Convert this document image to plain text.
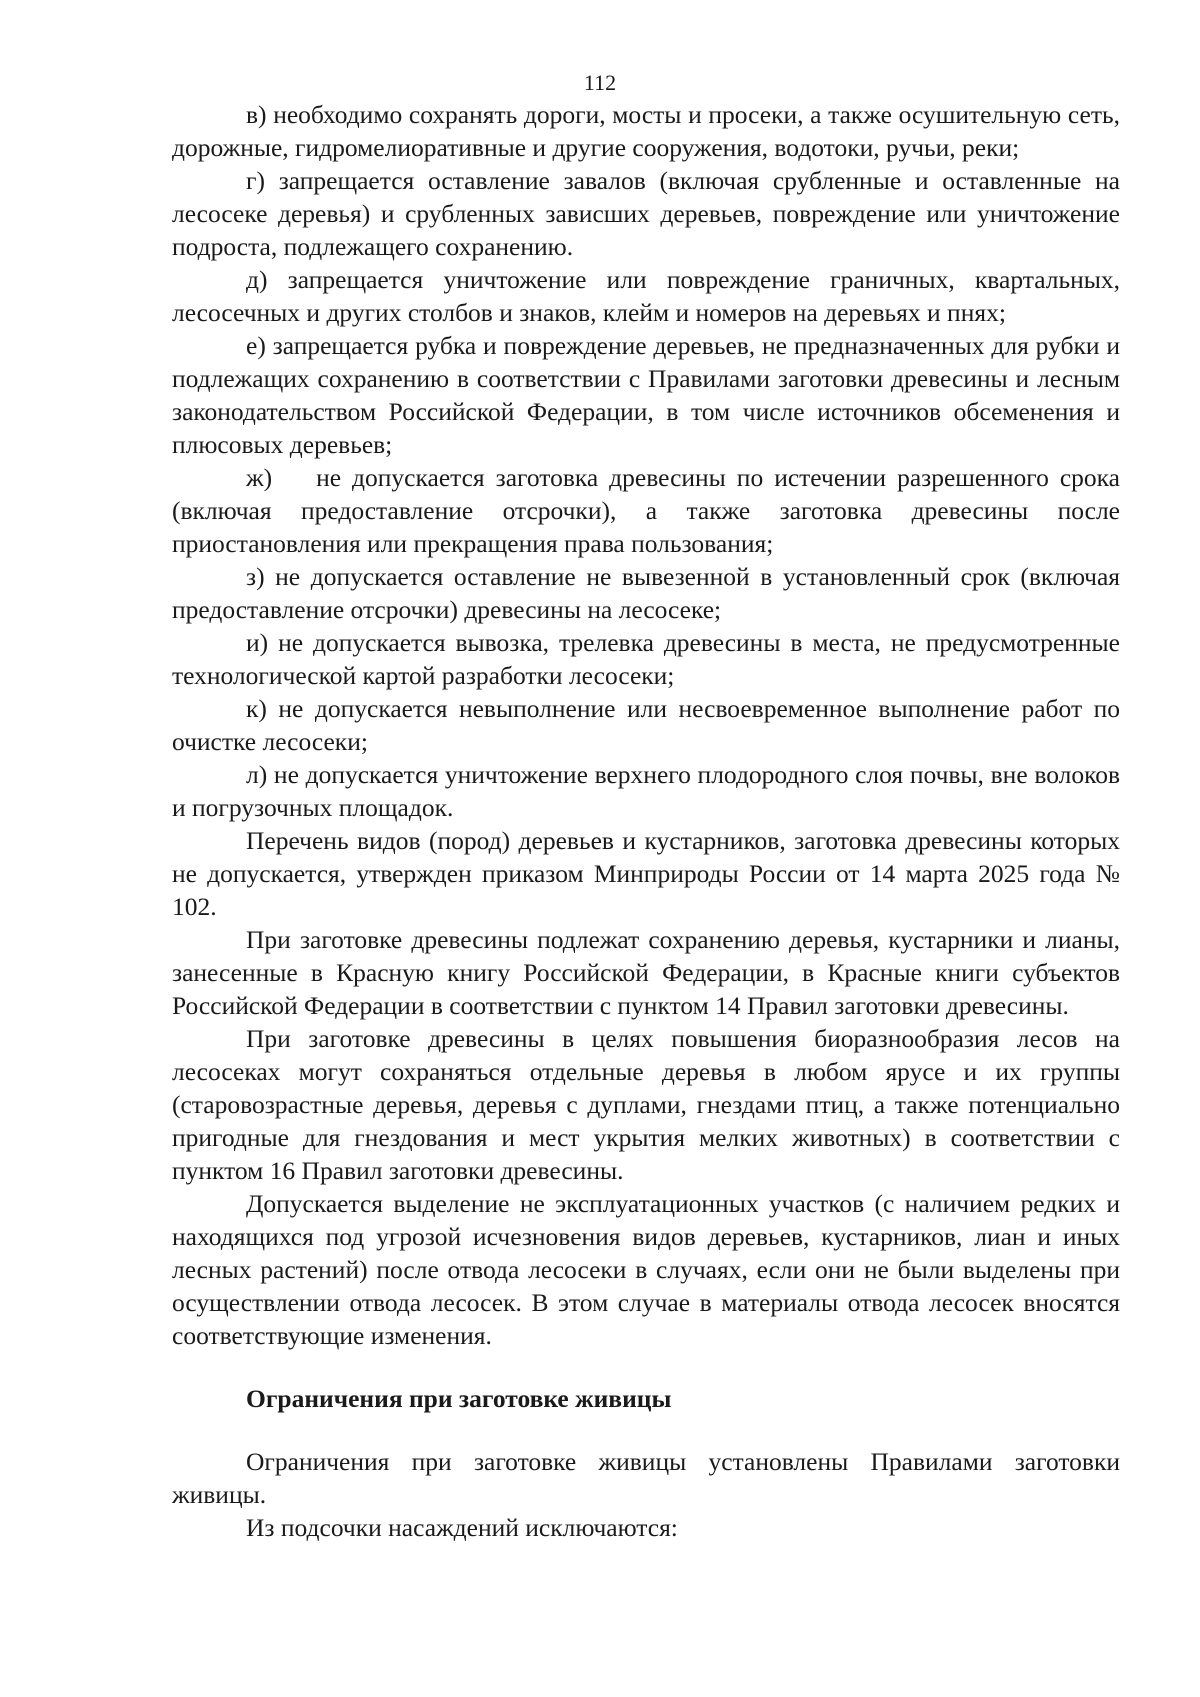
112

в) необходимо сохранять дороги, мосты и просеки, а также осушительную сеть, дорожные, гидромелиоративные и другие сооружения, водотоки, ручьи, реки;

г) запрещается оставление завалов (включая срубленные и оставленные на лесосеке деревья) и срубленных зависших деревьев, повреждение или уничтожение подроста, подлежащего сохранению.

д) запрещается уничтожение или повреждение граничных, квартальных, лесосечных и других столбов и знаков, клейм и номеров на деревьях и пнях;

е) запрещается рубка и повреждение деревьев, не предназначенных для рубки и подлежащих сохранению в соответствии с Правилами заготовки древесины и лесным законодательством Российской Федерации, в том числе источников обсеменения и плюсовых деревьев;

ж)    не допускается заготовка древесины по истечении разрешенного срока (включая предоставление отсрочки), а также заготовка древесины после приостановления или прекращения права пользования;

з) не допускается оставление не вывезенной в установленный срок (включая предоставление отсрочки) древесины на лесосеке;

и) не допускается вывозка, трелевка древесины в места, не предусмотренные технологической картой разработки лесосеки;

к) не допускается невыполнение или несвоевременное выполнение работ по очистке лесосеки;

л) не допускается уничтожение верхнего плодородного слоя почвы, вне волоков и погрузочных площадок.

Перечень видов (пород) деревьев и кустарников, заготовка древесины которых не допускается, утвержден приказом Минприроды России от 14 марта 2025 года № 102.

При заготовке древесины подлежат сохранению деревья, кустарники и лианы, занесенные в Красную книгу Российской Федерации, в Красные книги субъектов Российской Федерации в соответствии с пунктом 14 Правил заготовки древесины.

При заготовке древесины в целях повышения биоразнообразия лесов на лесосеках могут сохраняться отдельные деревья в любом ярусе и их группы (старовозрастные деревья, деревья с дуплами, гнездами птиц, а также потенциально пригодные для гнездования и мест укрытия мелких животных) в соответствии с пунктом 16 Правил заготовки древесины.

Допускается выделение не эксплуатационных участков (с наличием редких и находящихся под угрозой исчезновения видов деревьев, кустарников, лиан и иных лесных растений) после отвода лесосеки в случаях, если они не были выделены при осуществлении отвода лесосек. В этом случае в материалы отвода лесосек вносятся соответствующие изменения.

Ограничения при заготовке живицы

Ограничения при заготовке живицы установлены Правилами заготовки живицы.

Из подсочки насаждений исключаются:
